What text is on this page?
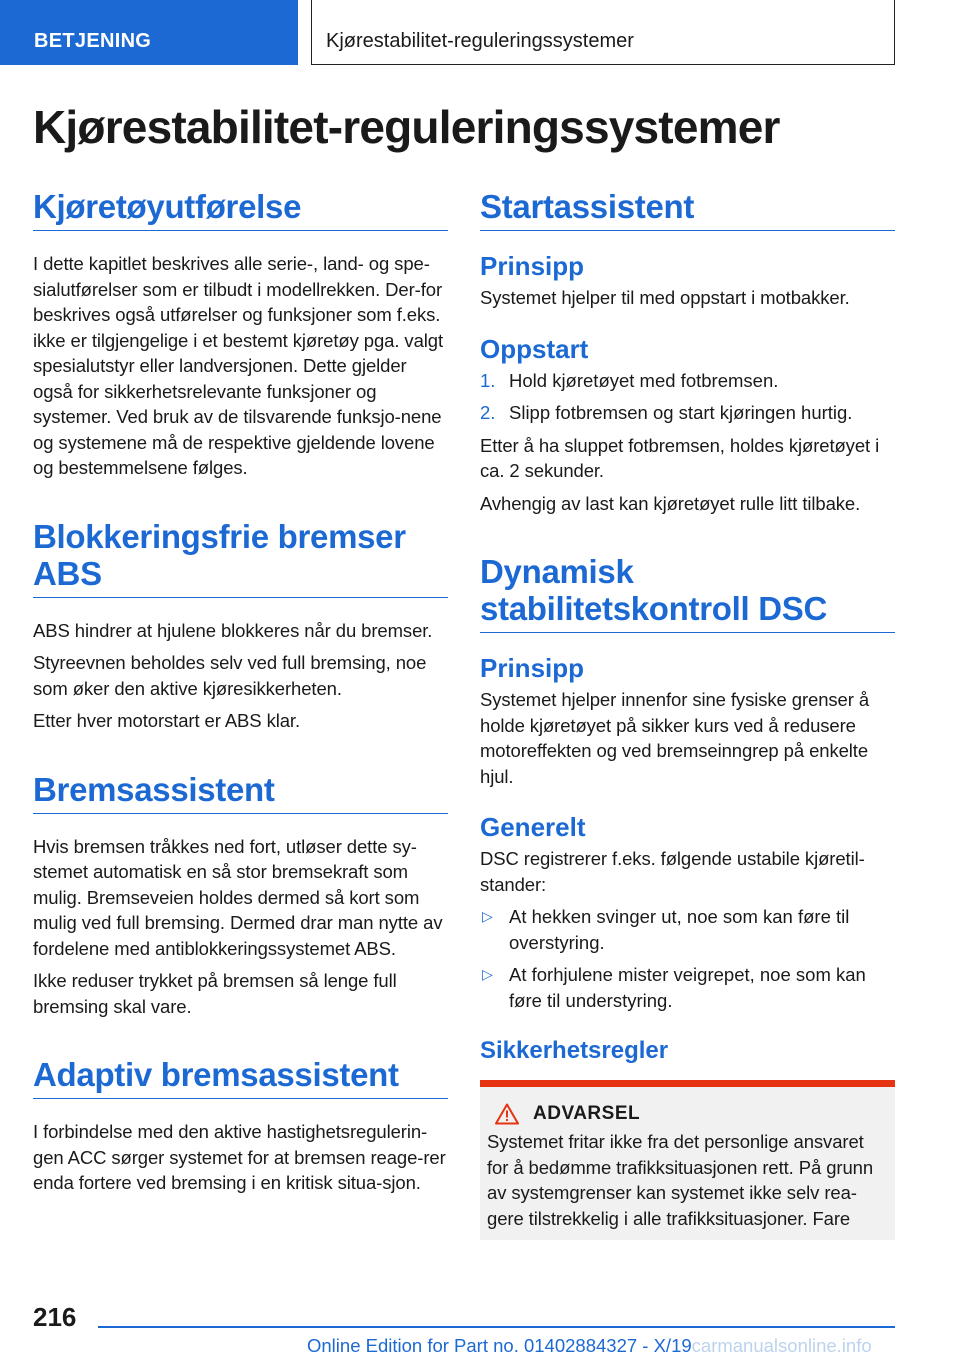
BETJENING	Kjørestabilitet-reguleringssystemer
Kjørestabilitet-reguleringssystemer
Kjøretøyutførelse
I dette kapitlet beskrives alle serie-, land- og spe-sialutførelser som er tilbudt i modellrekken. Der-for beskrives også utførelser og funksjoner som f.eks. ikke er tilgjengelige i et bestemt kjøretøy pga. valgt spesialutstyr eller landversjonen. Dette gjelder også for sikkerhetsrelevante funksjoner og systemer. Ved bruk av de tilsvarende funksjo-nene og systemene må de respektive gjeldende lovene og bestemmelsene følges.
Blokkeringsfrie bremser ABS
ABS hindrer at hjulene blokkeres når du bremser.
Styreevnen beholdes selv ved full bremsing, noe som øker den aktive kjøresikkerheten.
Etter hver motorstart er ABS klar.
Bremsassistent
Hvis bremsen tråkkes ned fort, utløser dette sy-stemet automatisk en så stor bremsekraft som mulig. Bremseveien holdes dermed så kort som mulig ved full bremsing. Dermed drar man nytte av fordelene med antiblokkeringssystemet ABS.
Ikke reduser trykket på bremsen så lenge full bremsing skal vare.
Adaptiv bremsassistent
I forbindelse med den aktive hastighetsregulerin-gen ACC sørger systemet for at bremsen reage-rer enda fortere ved bremsing i en kritisk situa-sjon.
Startassistent
Prinsipp
Systemet hjelper til med oppstart i motbakker.
Oppstart
1. Hold kjøretøyet med fotbremsen.
2. Slipp fotbremsen og start kjøringen hurtig.
Etter å ha sluppet fotbremsen, holdes kjøretøyet i ca. 2 sekunder.
Avhengig av last kan kjøretøyet rulle litt tilbake.
Dynamisk stabilitetskontroll DSC
Prinsipp
Systemet hjelper innenfor sine fysiske grenser å holde kjøretøyet på sikker kurs ved å redusere motoreffekten og ved bremseinngrep på enkelte hjul.
Generelt
DSC registrerer f.eks. følgende ustabile kjøretil-stander:
▷ At hekken svinger ut, noe som kan føre til overstyring.
▷ At forhjulene mister veigrepet, noe som kan føre til understyring.
Sikkerhetsregler
ADVARSEL
Systemet fritar ikke fra det personlige ansvaret for å bedømme trafikksituasjonen rett. På grunn av systemgrenser kan systemet ikke selv rea-gere tilstrekkelig i alle trafikksituasjoner. Fare
216
Online Edition for Part no. 01402884327 - X/19carmanualsonline.info
